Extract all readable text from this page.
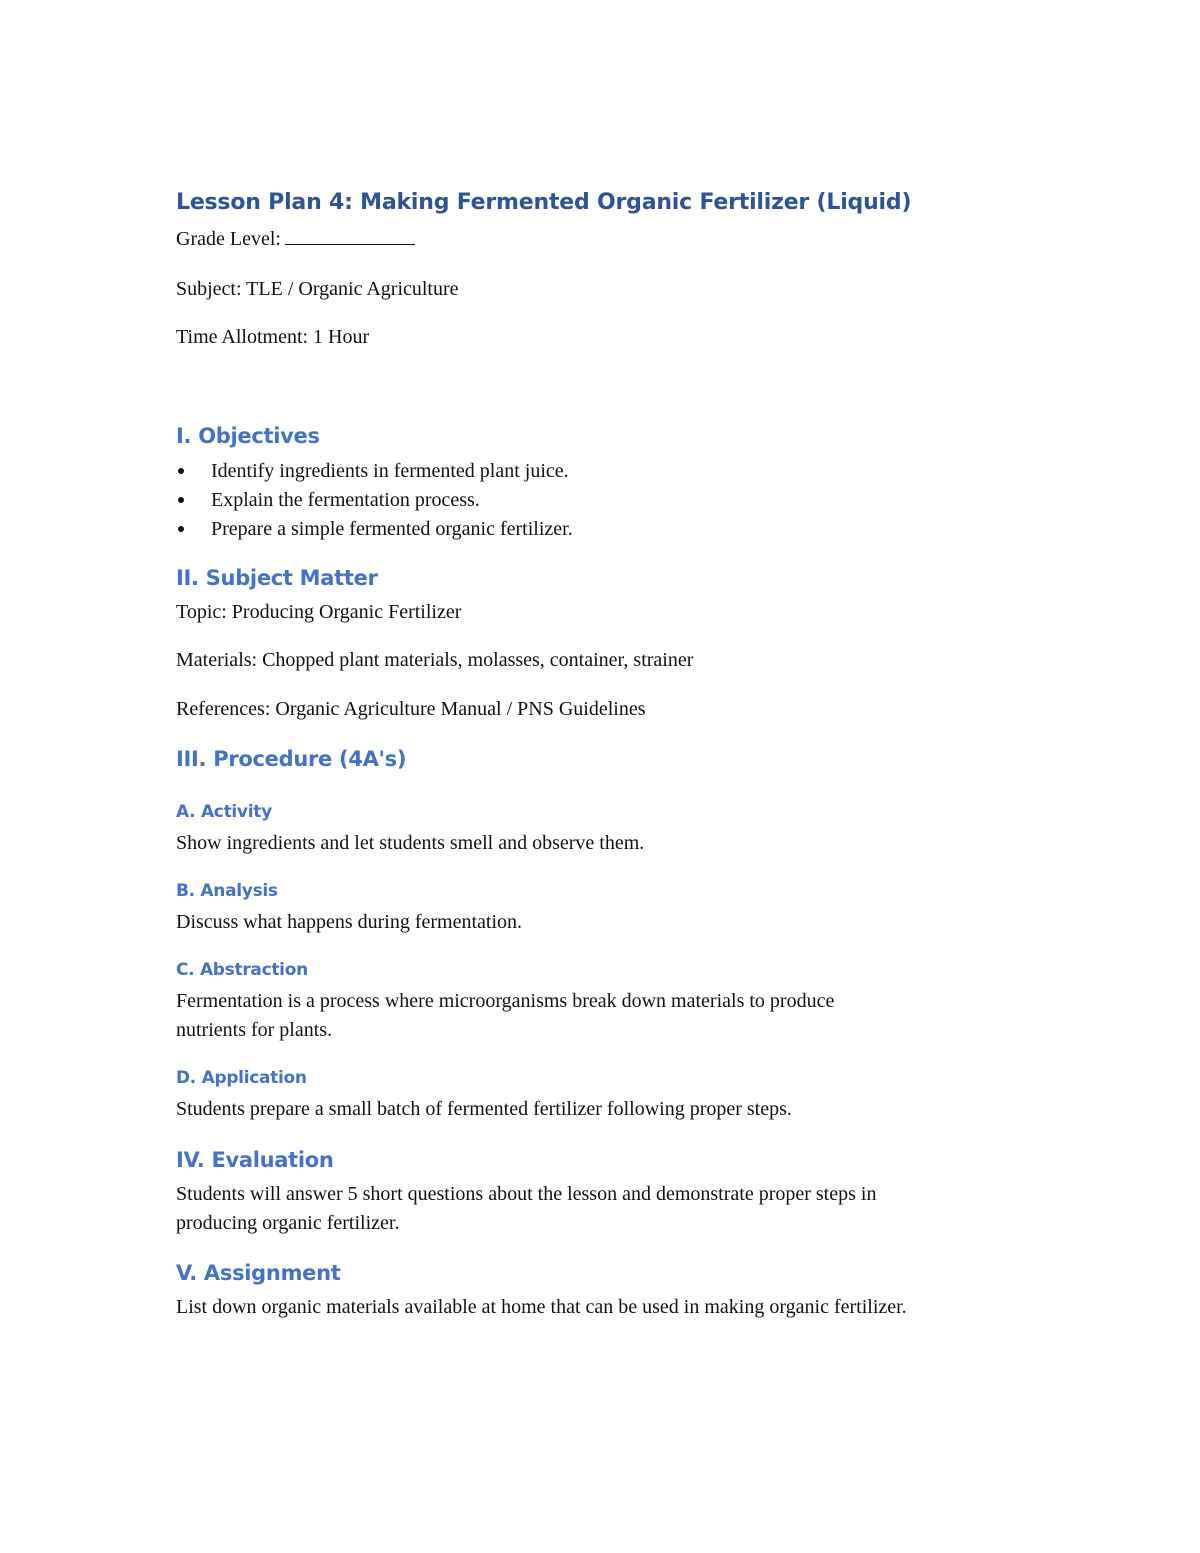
Lesson Plan 4: Making Fermented Organic Fertilizer (Liquid)
Grade Level:
Subject: TLE / Organic Agriculture
Time Allotment: 1 Hour
I. Objectives
Identify ingredients in fermented plant juice.
Explain the fermentation process.
Prepare a simple fermented organic fertilizer.
II. Subject Matter
Topic: Producing Organic Fertilizer
Materials: Chopped plant materials, molasses, container, strainer
References: Organic Agriculture Manual / PNS Guidelines
III. Procedure (4A's)
A. Activity
Show ingredients and let students smell and observe them.
B. Analysis
Discuss what happens during fermentation.
C. Abstraction
Fermentation is a process where microorganisms break down materials to produce
nutrients for plants.
D. Application
Students prepare a small batch of fermented fertilizer following proper steps.
IV. Evaluation
Students will answer 5 short questions about the lesson and demonstrate proper steps in
producing organic fertilizer.
V. Assignment
List down organic materials available at home that can be used in making organic fertilizer.
